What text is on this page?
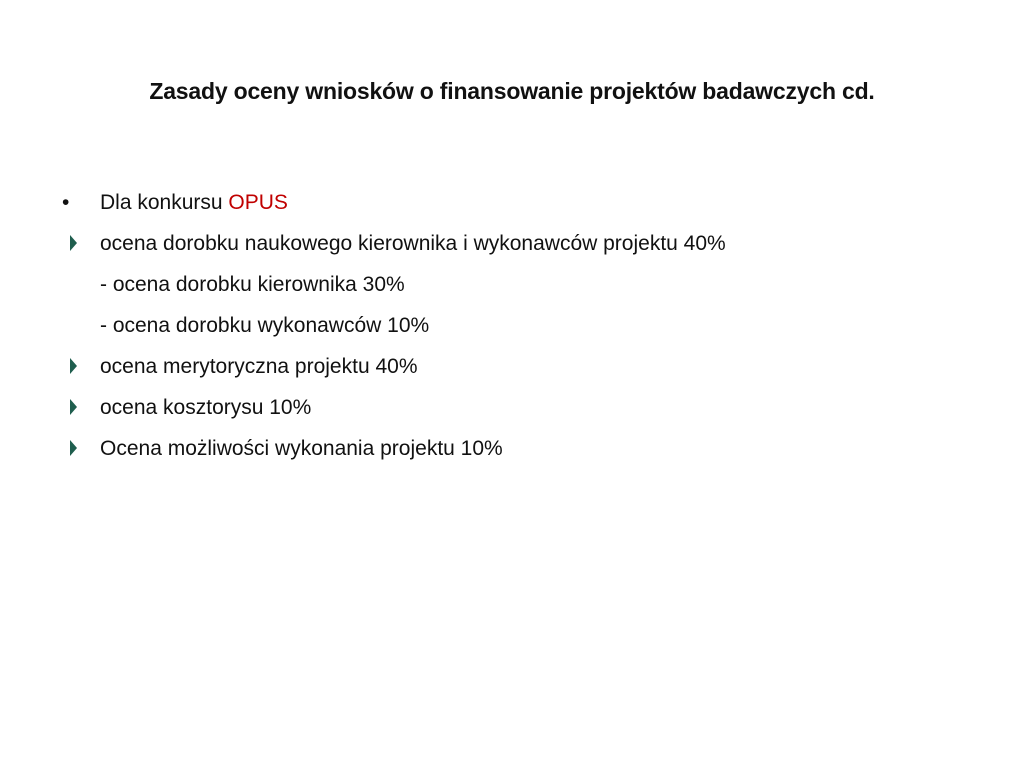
Zasady oceny wniosków o finansowanie projektów badawczych cd.
• Dla konkursu OPUS
ocena dorobku naukowego kierownika i wykonawców projektu 40%
- ocena dorobku kierownika 30%
- ocena dorobku wykonawców 10%
ocena merytoryczna projektu 40%
ocena kosztorysu 10%
Ocena możliwości wykonania projektu 10%
